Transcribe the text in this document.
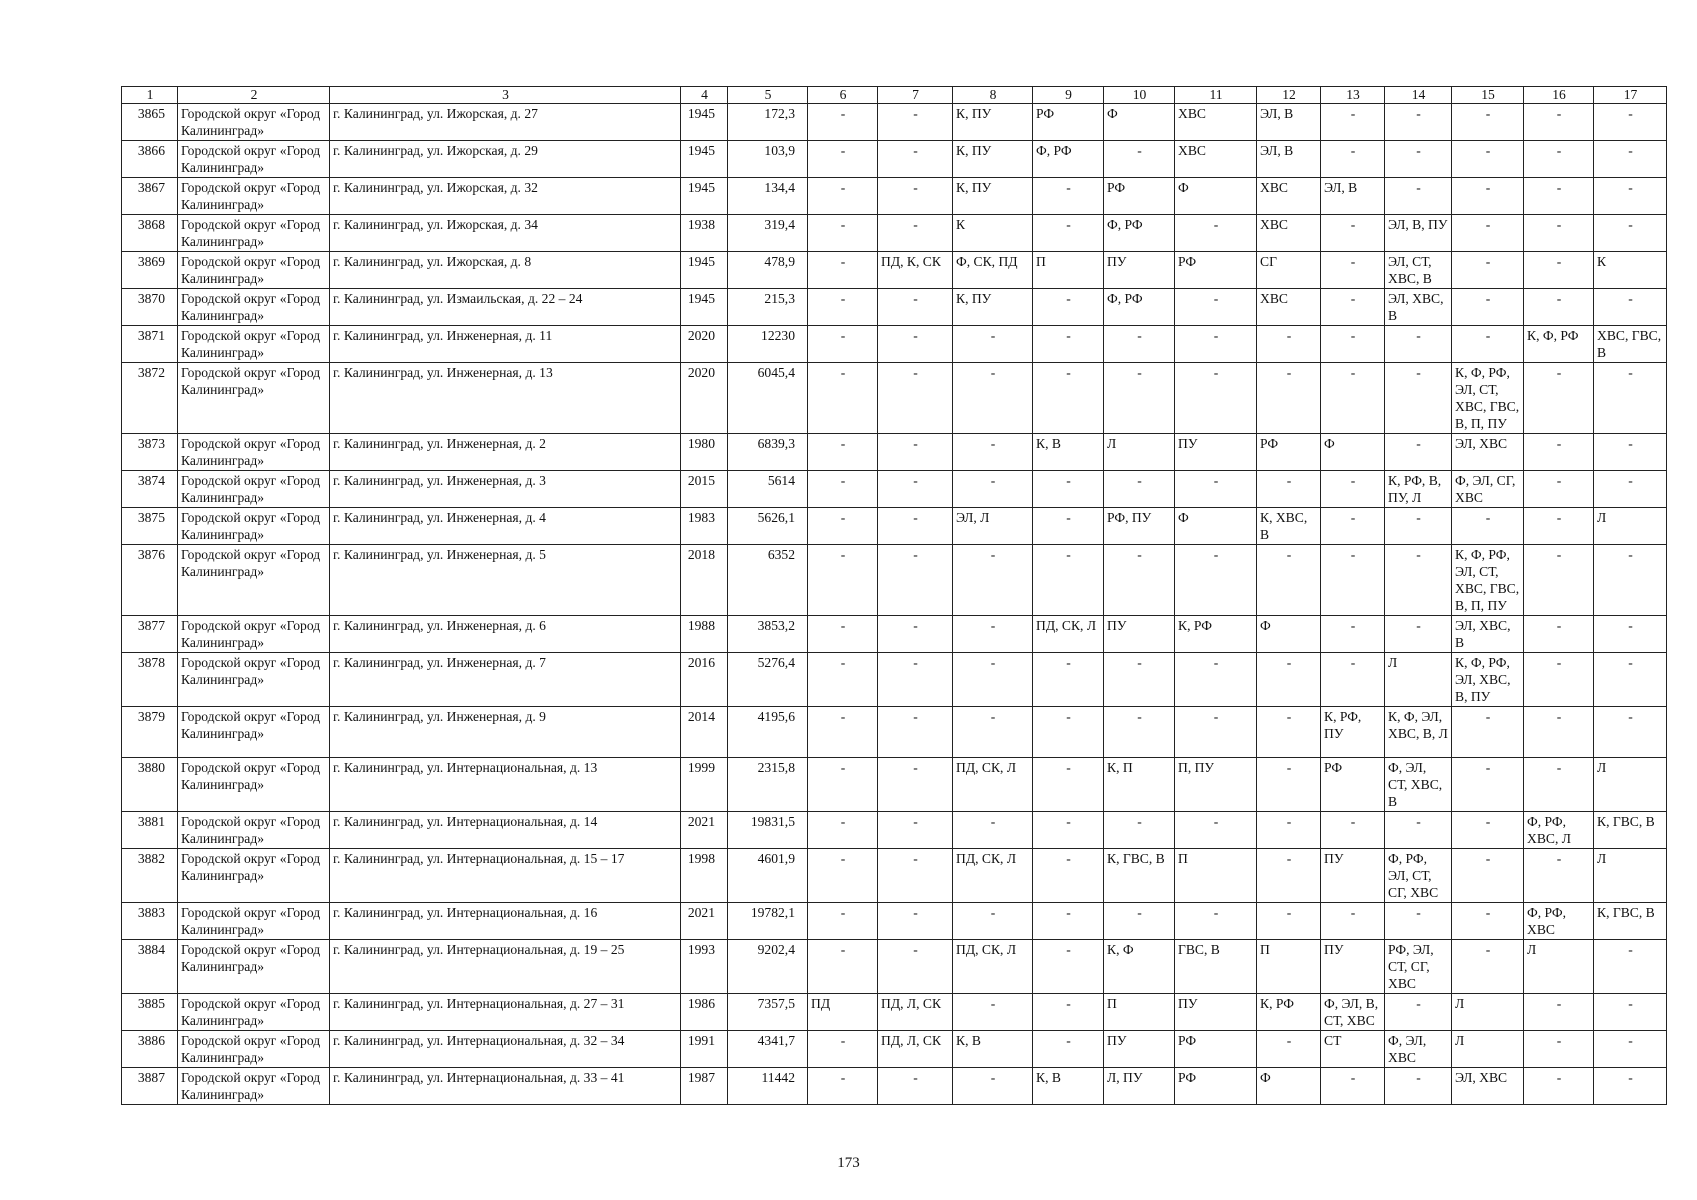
1	2	3	4	5	6	7	8	9	10	11	12	13	14	15	16	17
3865	Городской округ «Город Калининград»	г. Калининград, ул. Ижорская, д. 27	1945	172,3	-	-	К, ПУ	РФ	Ф	ХВС	ЭЛ, В	-	-	-	-	-
3866	Городской округ «Город Калининград»	г. Калининград, ул. Ижорская, д. 29	1945	103,9	-	-	К, ПУ	Ф, РФ	-	ХВС	ЭЛ, В	-	-	-	-	-
3867	Городской округ «Город Калининград»	г. Калининград, ул. Ижорская, д. 32	1945	134,4	-	-	К, ПУ	-	РФ	Ф	ХВС	ЭЛ, В	-	-	-	-
3868	Городской округ «Город Калининград»	г. Калининград, ул. Ижорская, д. 34	1938	319,4	-	-	К	-	Ф, РФ	-	ХВС	-	ЭЛ, В, ПУ	-	-	-
3869	Городской округ «Город Калининград»	г. Калининград, ул. Ижорская, д. 8	1945	478,9	-	ПД, К, СК	Ф, СК, ПД	П	ПУ	РФ	СГ	-	ЭЛ, СТ, ХВС, В	-	-	К
3870	Городской округ «Город Калининград»	г. Калининград, ул. Измаильская, д. 22 – 24	1945	215,3	-	-	К, ПУ	-	Ф, РФ	-	ХВС	-	ЭЛ, ХВС, В	-	-	-
3871	Городской округ «Город Калининград»	г. Калининград, ул. Инженерная, д. 11	2020	12230	-	-	-	-	-	-	-	-	-	-	К, Ф, РФ	ХВС, ГВС, В
3872	Городской округ «Город Калининград»	г. Калининград, ул. Инженерная, д. 13	2020	6045,4	-	-	-	-	-	-	-	-	-	К, Ф, РФ, ЭЛ, СТ, ХВС, ГВС, В, П, ПУ	-	-
3873	Городской округ «Город Калининград»	г. Калининград, ул. Инженерная, д. 2	1980	6839,3	-	-	-	К, В	Л	ПУ	РФ	Ф	-	ЭЛ, ХВС	-	-
3874	Городской округ «Город Калининград»	г. Калининград, ул. Инженерная, д. 3	2015	5614	-	-	-	-	-	-	-	-	К, РФ, В, ПУ, Л	Ф, ЭЛ, СГ, ХВС	-	-
3875	Городской округ «Город Калининград»	г. Калининград, ул. Инженерная, д. 4	1983	5626,1	-	-	ЭЛ, Л	-	РФ, ПУ	Ф	К, ХВС, В	-	-	-	-	Л
3876	Городской округ «Город Калининград»	г. Калининград, ул. Инженерная, д. 5	2018	6352	-	-	-	-	-	-	-	-	-	К, Ф, РФ, ЭЛ, СТ, ХВС, ГВС, В, П, ПУ	-	-
3877	Городской округ «Город Калининград»	г. Калининград, ул. Инженерная, д. 6	1988	3853,2	-	-	-	ПД, СК, Л	ПУ	К, РФ	Ф	-	-	ЭЛ, ХВС, В	-	-
3878	Городской округ «Город Калининград»	г. Калининград, ул. Инженерная, д. 7	2016	5276,4	-	-	-	-	-	-	-	-	Л	К, Ф, РФ, ЭЛ, ХВС, В, ПУ	-	-
3879	Городской округ «Город Калининград»	г. Калининград, ул. Инженерная, д. 9	2014	4195,6	-	-	-	-	-	-	-	К, РФ, ПУ	К, Ф, ЭЛ, ХВС, В, Л	-	-	-
3880	Городской округ «Город Калининград»	г. Калининград, ул. Интернациональная, д. 13	1999	2315,8	-	-	ПД, СК, Л	-	К, П	П, ПУ	-	РФ	Ф, ЭЛ, СТ, ХВС, В	-	-	Л
3881	Городской округ «Город Калининград»	г. Калининград, ул. Интернациональная, д. 14	2021	19831,5	-	-	-	-	-	-	-	-	-	-	Ф, РФ, ХВС, Л	К, ГВС, В
3882	Городской округ «Город Калининград»	г. Калининград, ул. Интернациональная, д. 15 – 17	1998	4601,9	-	-	ПД, СК, Л	-	К, ГВС, В	П	-	ПУ	Ф, РФ, ЭЛ, СТ, СГ, ХВС	-	-	Л
3883	Городской округ «Город Калининград»	г. Калининград, ул. Интернациональная, д. 16	2021	19782,1	-	-	-	-	-	-	-	-	-	-	Ф, РФ, ХВС	К, ГВС, В
3884	Городской округ «Город Калининград»	г. Калининград, ул. Интернациональная, д. 19 – 25	1993	9202,4	-	-	ПД, СК, Л	-	К, Ф	ГВС, В	П	ПУ	РФ, ЭЛ, СТ, СГ, ХВС	-	Л	-
3885	Городской округ «Город Калининград»	г. Калининград, ул. Интернациональная, д. 27 – 31	1986	7357,5	ПД	ПД, Л, СК	-	-	П	ПУ	К, РФ	Ф, ЭЛ, В, СТ, ХВС	-	Л	-	-
3886	Городской округ «Город Калининград»	г. Калининград, ул. Интернациональная, д. 32 – 34	1991	4341,7	-	ПД, Л, СК	К, В	-	ПУ	РФ	-	СТ	Ф, ЭЛ, ХВС	Л	-	-
3887	Городской округ «Город Калининград»	г. Калининград, ул. Интернациональная, д. 33 – 41	1987	11442	-	-	-	К, В	Л, ПУ	РФ	Ф	-	-	ЭЛ, ХВС	-	-
173
